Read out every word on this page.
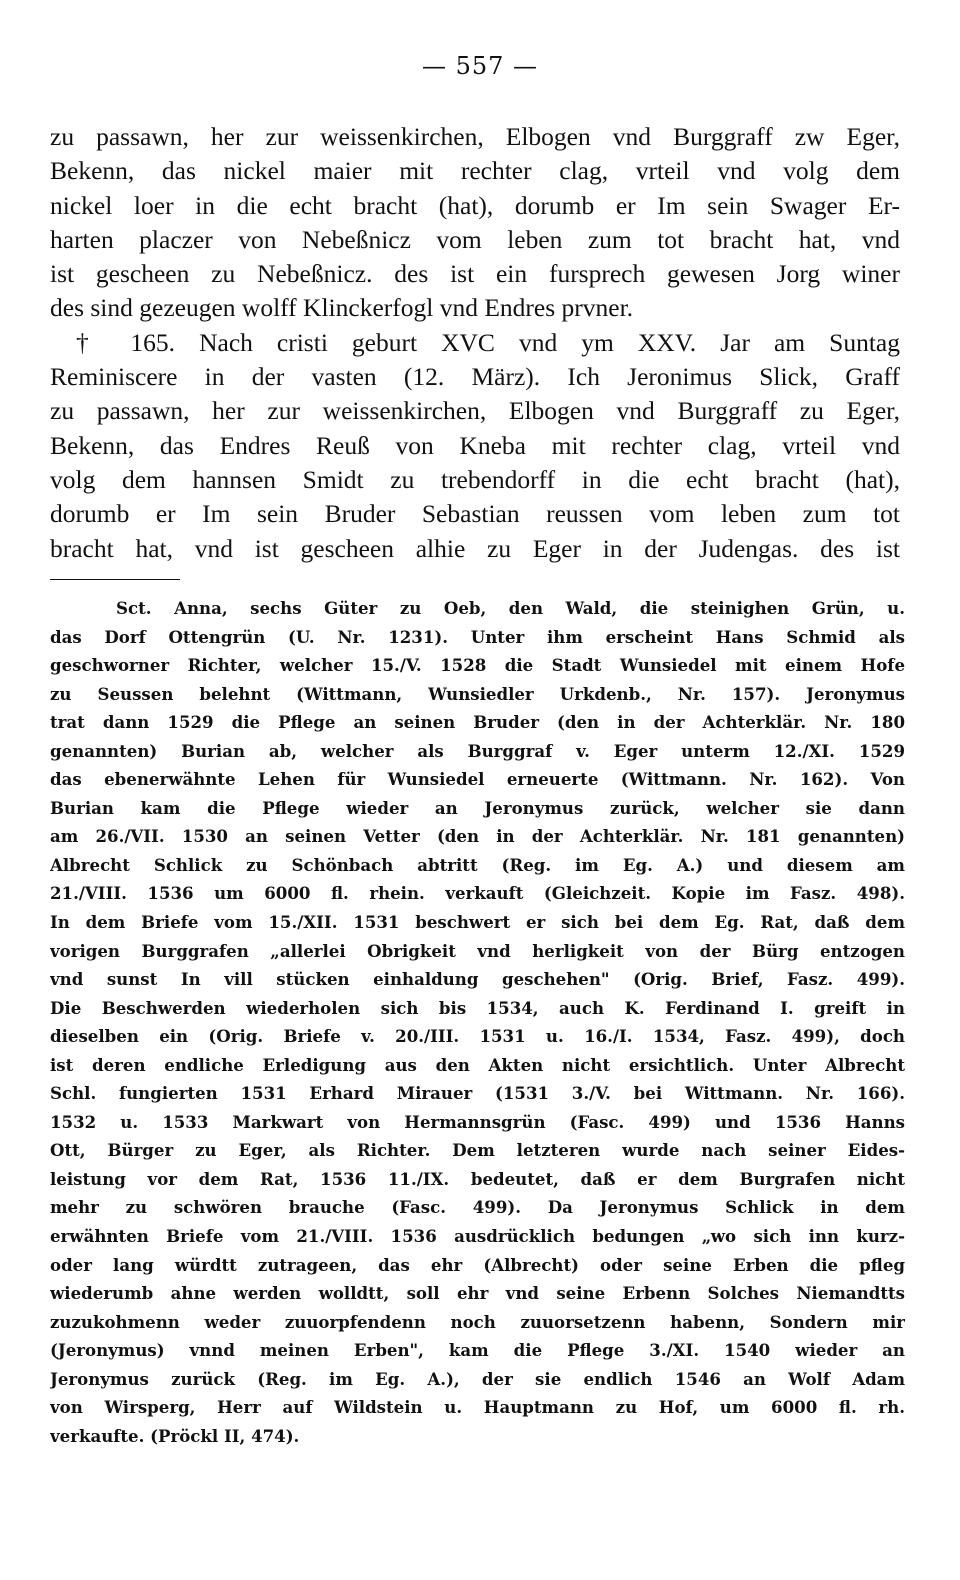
— 557 —
zu passawn, her zur weissenkirchen, Elbogen vnd Burggraff zw Eger,
Bekenn, das nickel maier mit rechter clag, vrteil vnd volg dem
nickel loer in die echt bracht (hat), dorumb er Im sein Swager Er-
harten placzer von Nebeßnicz vom leben zum tot bracht hat, vnd
ist gescheen zu Nebeßnicz. des ist ein fursprech gewesen Jorg winer
des sind gezeugen wolff Klinckerfogl vnd Endres prvner.
† 165. Nach cristi geburt XVC vnd ym XXV. Jar am Suntag
Reminiscere in der vasten (12. März). Ich Jeronimus Slick, Graff
zu passawn, her zur weissenkirchen, Elbogen vnd Burggraff zu Eger,
Bekenn, das Endres Reuß von Kneba mit rechter clag, vrteil vnd
volg dem hannsen Smidt zu trebendorff in die echt bracht (hat),
dorumb er Im sein Bruder Sebastian reussen vom leben zum tot
bracht hat, vnd ist gescheen alhie zu Eger in der Judengas. des ist
Sct. Anna, sechs Güter zu Oeb, den Wald, die steinighen Grün, u.
das Dorf Ottengrün (U. Nr. 1231). Unter ihm erscheint Hans Schmid als
geschworner Richter, welcher 15./V. 1528 die Stadt Wunsiedel mit einem Hofe
zu Seussen belehnt (Wittmann, Wunsiedler Urkdenb., Nr. 157). Jeronymus
trat dann 1529 die Pflege an seinen Bruder (den in der Achterklär. Nr. 180
genannten) Burian ab, welcher als Burggraf v. Eger unterm 12./XI. 1529
das ebenerwähnte Lehen für Wunsiedel erneuerte (Wittmann. Nr. 162). Von
Burian kam die Pflege wieder an Jeronymus zurück, welcher sie dann
am 26./VII. 1530 an seinen Vetter (den in der Achterklär. Nr. 181 genannten)
Albrecht Schlick zu Schönbach abtritt (Reg. im Eg. A.) und diesem am
21./VIII. 1536 um 6000 fl. rhein. verkauft (Gleichzeit. Kopie im Fasz. 498).
In dem Briefe vom 15./XII. 1531 beschwert er sich bei dem Eg. Rat, daß dem
vorigen Burggrafen „allerlei Obrigkeit vnd herligkeit von der Bürg entzogen
vnd sunst In vill stücken einhaldung geschehen" (Orig. Brief, Fasz. 499).
Die Beschwerden wiederholen sich bis 1534, auch K. Ferdinand I. greift in
dieselben ein (Orig. Briefe v. 20./III. 1531 u. 16./I. 1534, Fasz. 499), doch
ist deren endliche Erledigung aus den Akten nicht ersichtlich. Unter Albrecht
Schl. fungierten 1531 Erhard Mirauer (1531 3./V. bei Wittmann. Nr. 166).
1532 u. 1533 Markwart von Hermannsgrün (Fasc. 499) und 1536 Hanns
Ott, Bürger zu Eger, als Richter. Dem letzteren wurde nach seiner Eides-
leistung vor dem Rat, 1536 11./IX. bedeutet, daß er dem Burgrafen nicht
mehr zu schwören brauche (Fasc. 499). Da Jeronymus Schlick in dem
erwähnten Briefe vom 21./VIII. 1536 ausdrücklich bedungen „wo sich inn kurz-
oder lang würdtt zutrageen, das ehr (Albrecht) oder seine Erben die pfleg
wiederumb ahne werden wolldtt, soll ehr vnd seine Erbenn Solches Niemandtts
zuzukohmenn weder zuuorpfendenn noch zuuorsetzenn habenn, Sondern mir
(Jeronymus) vnnd meinen Erben", kam die Pflege 3./XI. 1540 wieder an
Jeronymus zurück (Reg. im Eg. A.), der sie endlich 1546 an Wolf Adam
von Wirsperg, Herr auf Wildstein u. Hauptmann zu Hof, um 6000 fl. rh.
verkaufte. (Pröckl II, 474).
